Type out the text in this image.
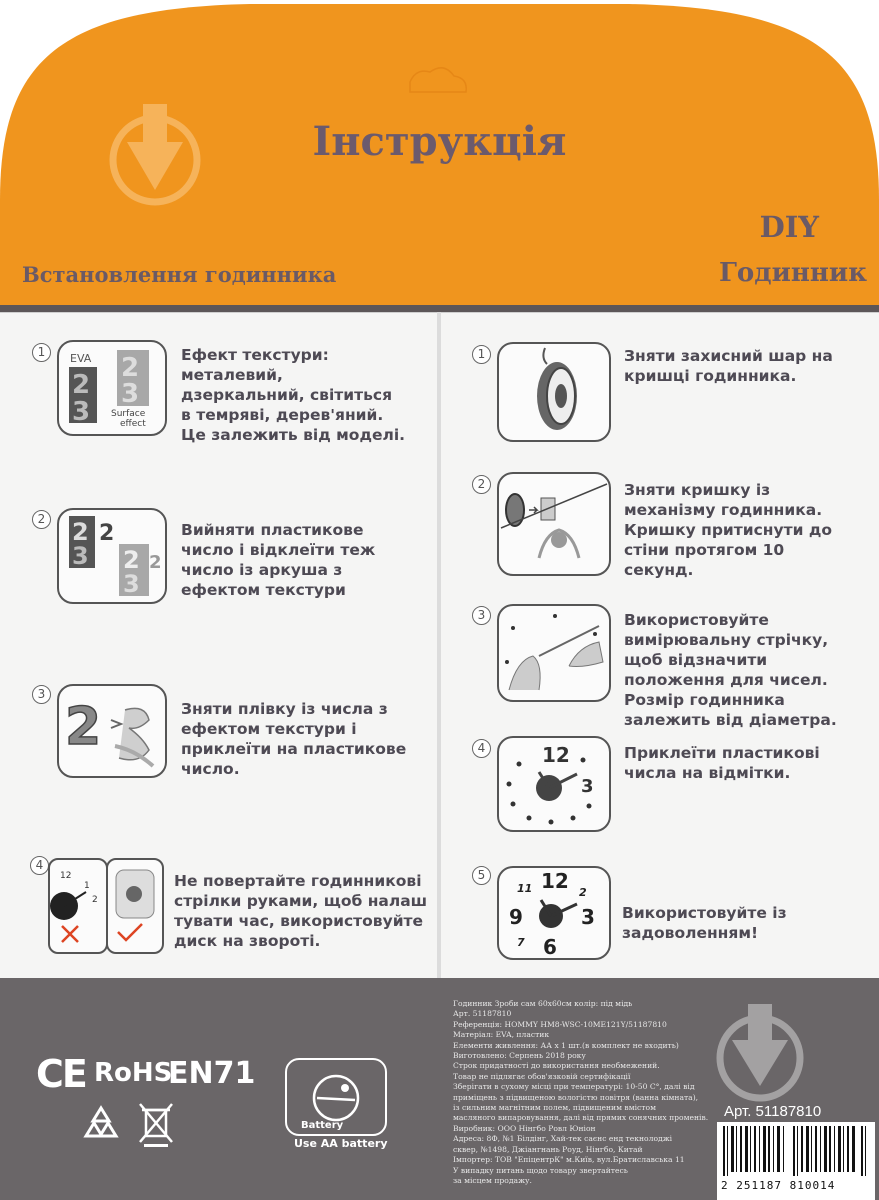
Інструкція
Встановлення годинника
DIY
Годинник
1	EVA
2
3
2
3
Surface
effect
Ефект текстури:
металевий,
дзеркальний, світиться
в темряві, дерев'яний.
Це залежить від моделі.
2 2
3
2
2
3
2
Вийняти пластикове
число і відклеїти теж
число із аркуша з
ефектом текстури
3
2	Зняти плівку із числа з
ефектом текстури і
приклеїти на пластикове
число.
4
12
1
2
Не повертайте годинникові
стрілки руками, щоб налаш
тувати час, використовуйте
диск на звороті.
1	Зняти захисний шар на
кришці годинника.
2	Зняти кришку із
механізму годинника.
Кришку притиснути до
стіни протягом 10
секунд.
3	Використовуйте
вимірювальну стрічку,
щоб відзначити
положення для чисел.
Розмір годинника
залежить від діаметра.
4	12
3
Приклеїти пластикові
числа на відмітки.
5	12
11	2
3
9
6
7
Використовуйте із
задоволенням!
CE RoHS
EN71
Battery
Use AA battery

Годинник Зроби сам 60х60см колір: під мідь

Арт. 51187810

Референція: HOMMY HM8-WSC-10ME121Y/51187810

Матеріал: EVA, пластик

Елементи живлення: АА х 1 шт.(в комплект не входить)

Виготовлено: Серпень 2018 року

Строк придатності до використання необмежений.

Товар не підлягає обов'язковій сертифікації

Зберігати в сухому місці при температурі: 10-50 С°, далі від

приміщень з підвищеною вологістю повітря (ванна кімната),

із сильним магнітним полем, підвищеним вмістом

масляного випаровування, далі від прямих сонячних променів.

Виробник: ООО Нінгбо Ровл Юніон

Адреса: 8Ф, №1 Білдінг, Хай-тек саєнс енд текнолоджі

сквер, №1498, Джіангнань Роуд, Нінгбо, Китай

Імпортер: ТОВ "ЕпіцентрК" м.Київ, вул.Братиславська 11

У випадку питань щодо товару звертайтесь

за місцем продажу.

Арт. 51187810
2 251187 810014
